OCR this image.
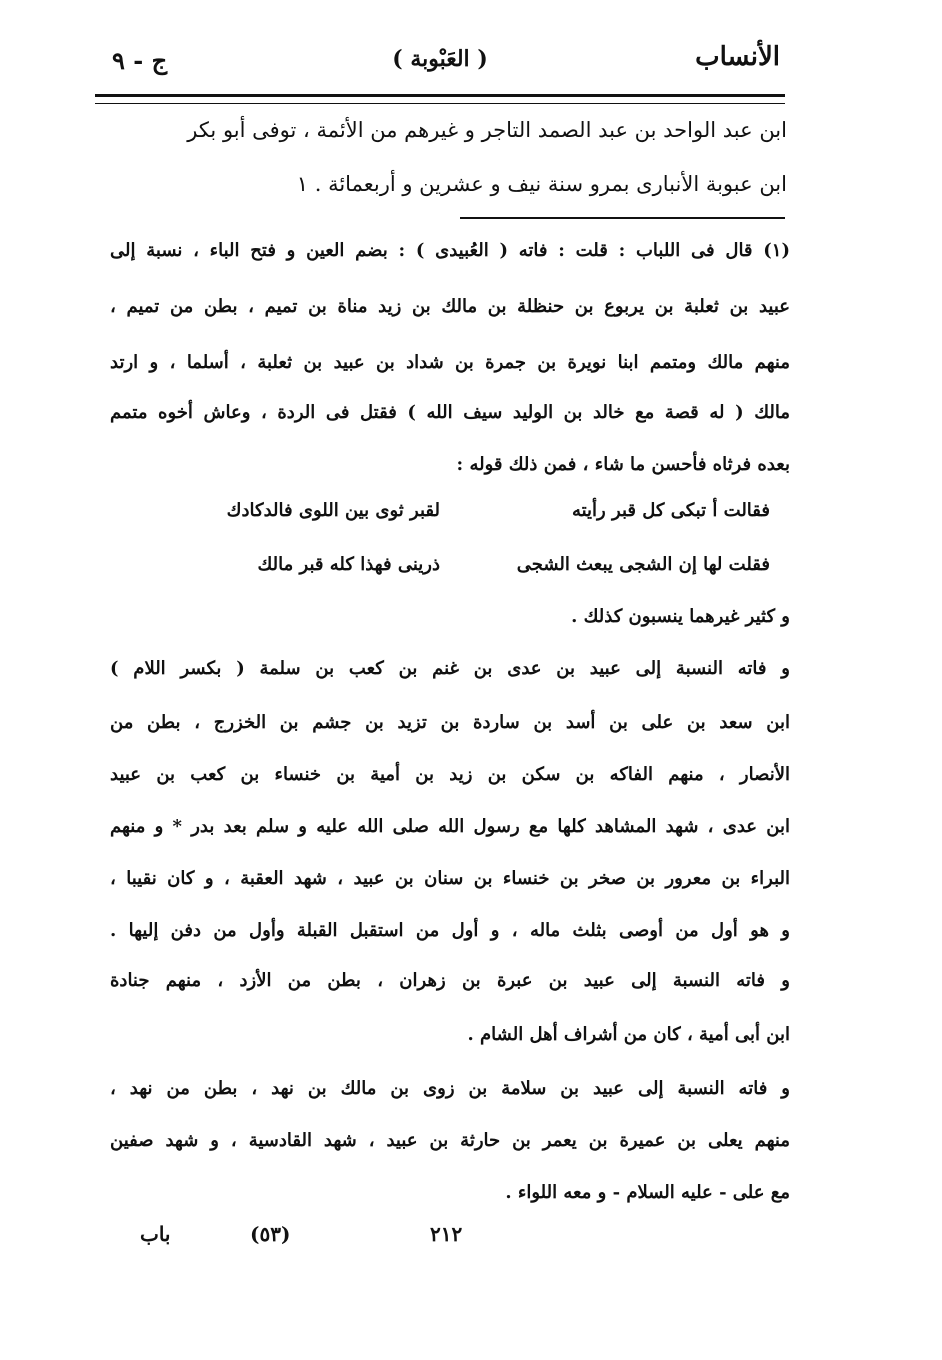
ج - ٩	( العَبْوبة )	الأنساب
ابن عبد الواحد بن عبد الصمد التاجر و غيرهم من الأئمة ، توفى أبو بكر
ابن عبوبة الأنبارى بمرو سنة نيف و عشرين و أربعمائة . ١
(١) قال فى اللباب : قلت : فاته ( العُبيدى ) : بضم العين و فتح الباء ، نسبة إلى
عبيد بن ثعلبة بن يربوع بن حنظلة بن مالك بن زيد مناة بن تميم ، بطن من تميم ،
منهم مالك ومتمم ابنا نويرة بن جمرة بن شداد بن عبيد بن ثعلبة ، أسلما ، و ارتد
مالك ( له قصة مع خالد بن الوليد سيف الله ) فقتل فى الردة ، وعاش أخوه متمم
بعده فرثاه فأحسن ما شاء ، فمن ذلك قوله :
فقالت أ تبكى كل قبر رأيته
لقبر ثوى بين اللوى فالدكادك
فقلت لها إن الشجى يبعث الشجى
ذرينى فهذا كله قبر مالك
و كثير غيرهما ينسبون كذلك .
و فاته النسبة إلى عبيد بن عدى بن غنم بن كعب بن سلمة ( بكسر اللام )
ابن سعد بن على بن أسد بن ساردة بن تزيد بن جشم بن الخزرج ، بطن من
الأنصار ، منهم الفاكه بن سكن بن زيد بن أمية بن خنساء بن كعب بن عبيد
ابن عدى ، شهد المشاهد كلها مع رسول الله صلى الله عليه و سلم بعد بدر * و منهم
البراء بن معرور بن صخر بن خنساء بن سنان بن عبيد ، شهد العقبة ، و كان نقيبا ،
و هو أول من أوصى بثلث ماله ، و أول من استقبل القبلة وأول من دفن إليها .
و فاته النسبة إلى عبيد بن عبرة بن زهران ، بطن من الأزد ، منهم جنادة
ابن أبى أمية ، كان من أشراف أهل الشام .
و فاته النسبة إلى عبيد بن سلامة بن زوى بن مالك بن نهد ، بطن من نهد ،
منهم يعلى بن عميرة بن يعمر بن حارثة بن عبيد ، شهد القادسية ، و شهد صفين
مع على - عليه السلام - و معه اللواء .
باب	(٥٣)	٢١٢
